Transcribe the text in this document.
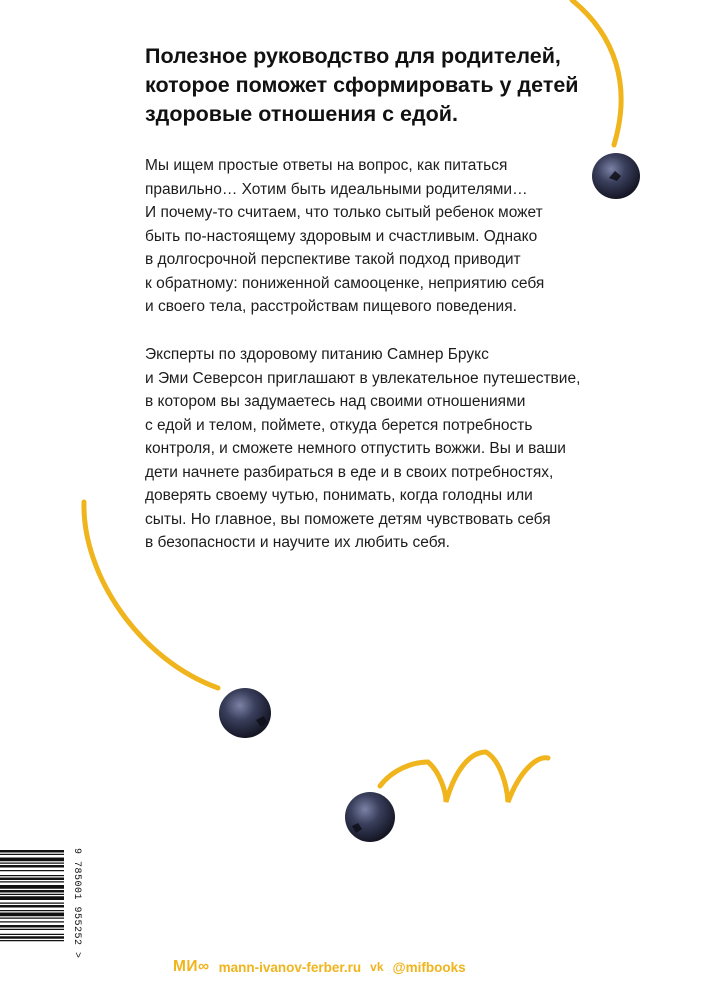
Полезное руководство для родителей,
которое поможет сформировать у детей
здоровые отношения с едой.
Мы ищем простые ответы на вопрос, как питаться
правильно… Хотим быть идеальными родителями…
И почему-то считаем, что только сытый ребенок может
быть по-настоящему здоровым и счастливым. Однако
в долгосрочной перспективе такой подход приводит
к обратному: пониженной самооценке, неприятию себя
и своего тела, расстройствам пищевого поведения.
Эксперты по здоровому питанию Самнер Брукс
и Эми Северсон приглашают в увлекательное путешествие,
в котором вы задумаетесь над своими отношениями
с едой и телом, поймете, откуда берется потребность
контроля, и сможете немного отпустить вожжи. Вы и ваши
дети начнете разбираться в еде и в своих потребностях,
доверять своему чутью, понимать, когда голодны или
сыты. Но главное, вы поможете детям чувствовать себя
в безопасности и научите их любить себя.
9 785001 955252 >
МИ∞ mann-ivanov-ferber.ru vk @mifbooks
